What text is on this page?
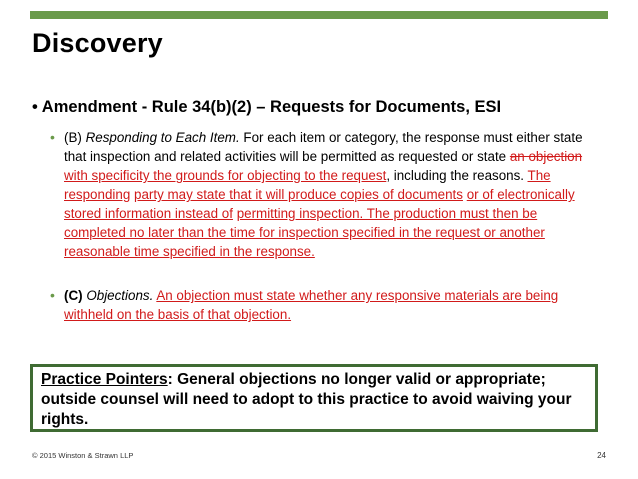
Discovery
• Amendment - Rule 34(b)(2) – Requests for Documents, ESI
• (B) Responding to Each Item. For each item or category, the response must either state that inspection and related activities will be permitted as requested or state an objection with specificity the grounds for objecting to the request, including the reasons. The responding party may state that it will produce copies of documents or of electronically stored information instead of permitting inspection. The production must then be completed no later than the time for inspection specified in the request or another reasonable time specified in the response.
• (C) Objections. An objection must state whether any responsive materials are being withheld on the basis of that objection.
Practice Pointers: General objections no longer valid or appropriate; outside counsel will need to adopt to this practice to avoid waiving your rights.
© 2015 Winston & Strawn LLP	24
